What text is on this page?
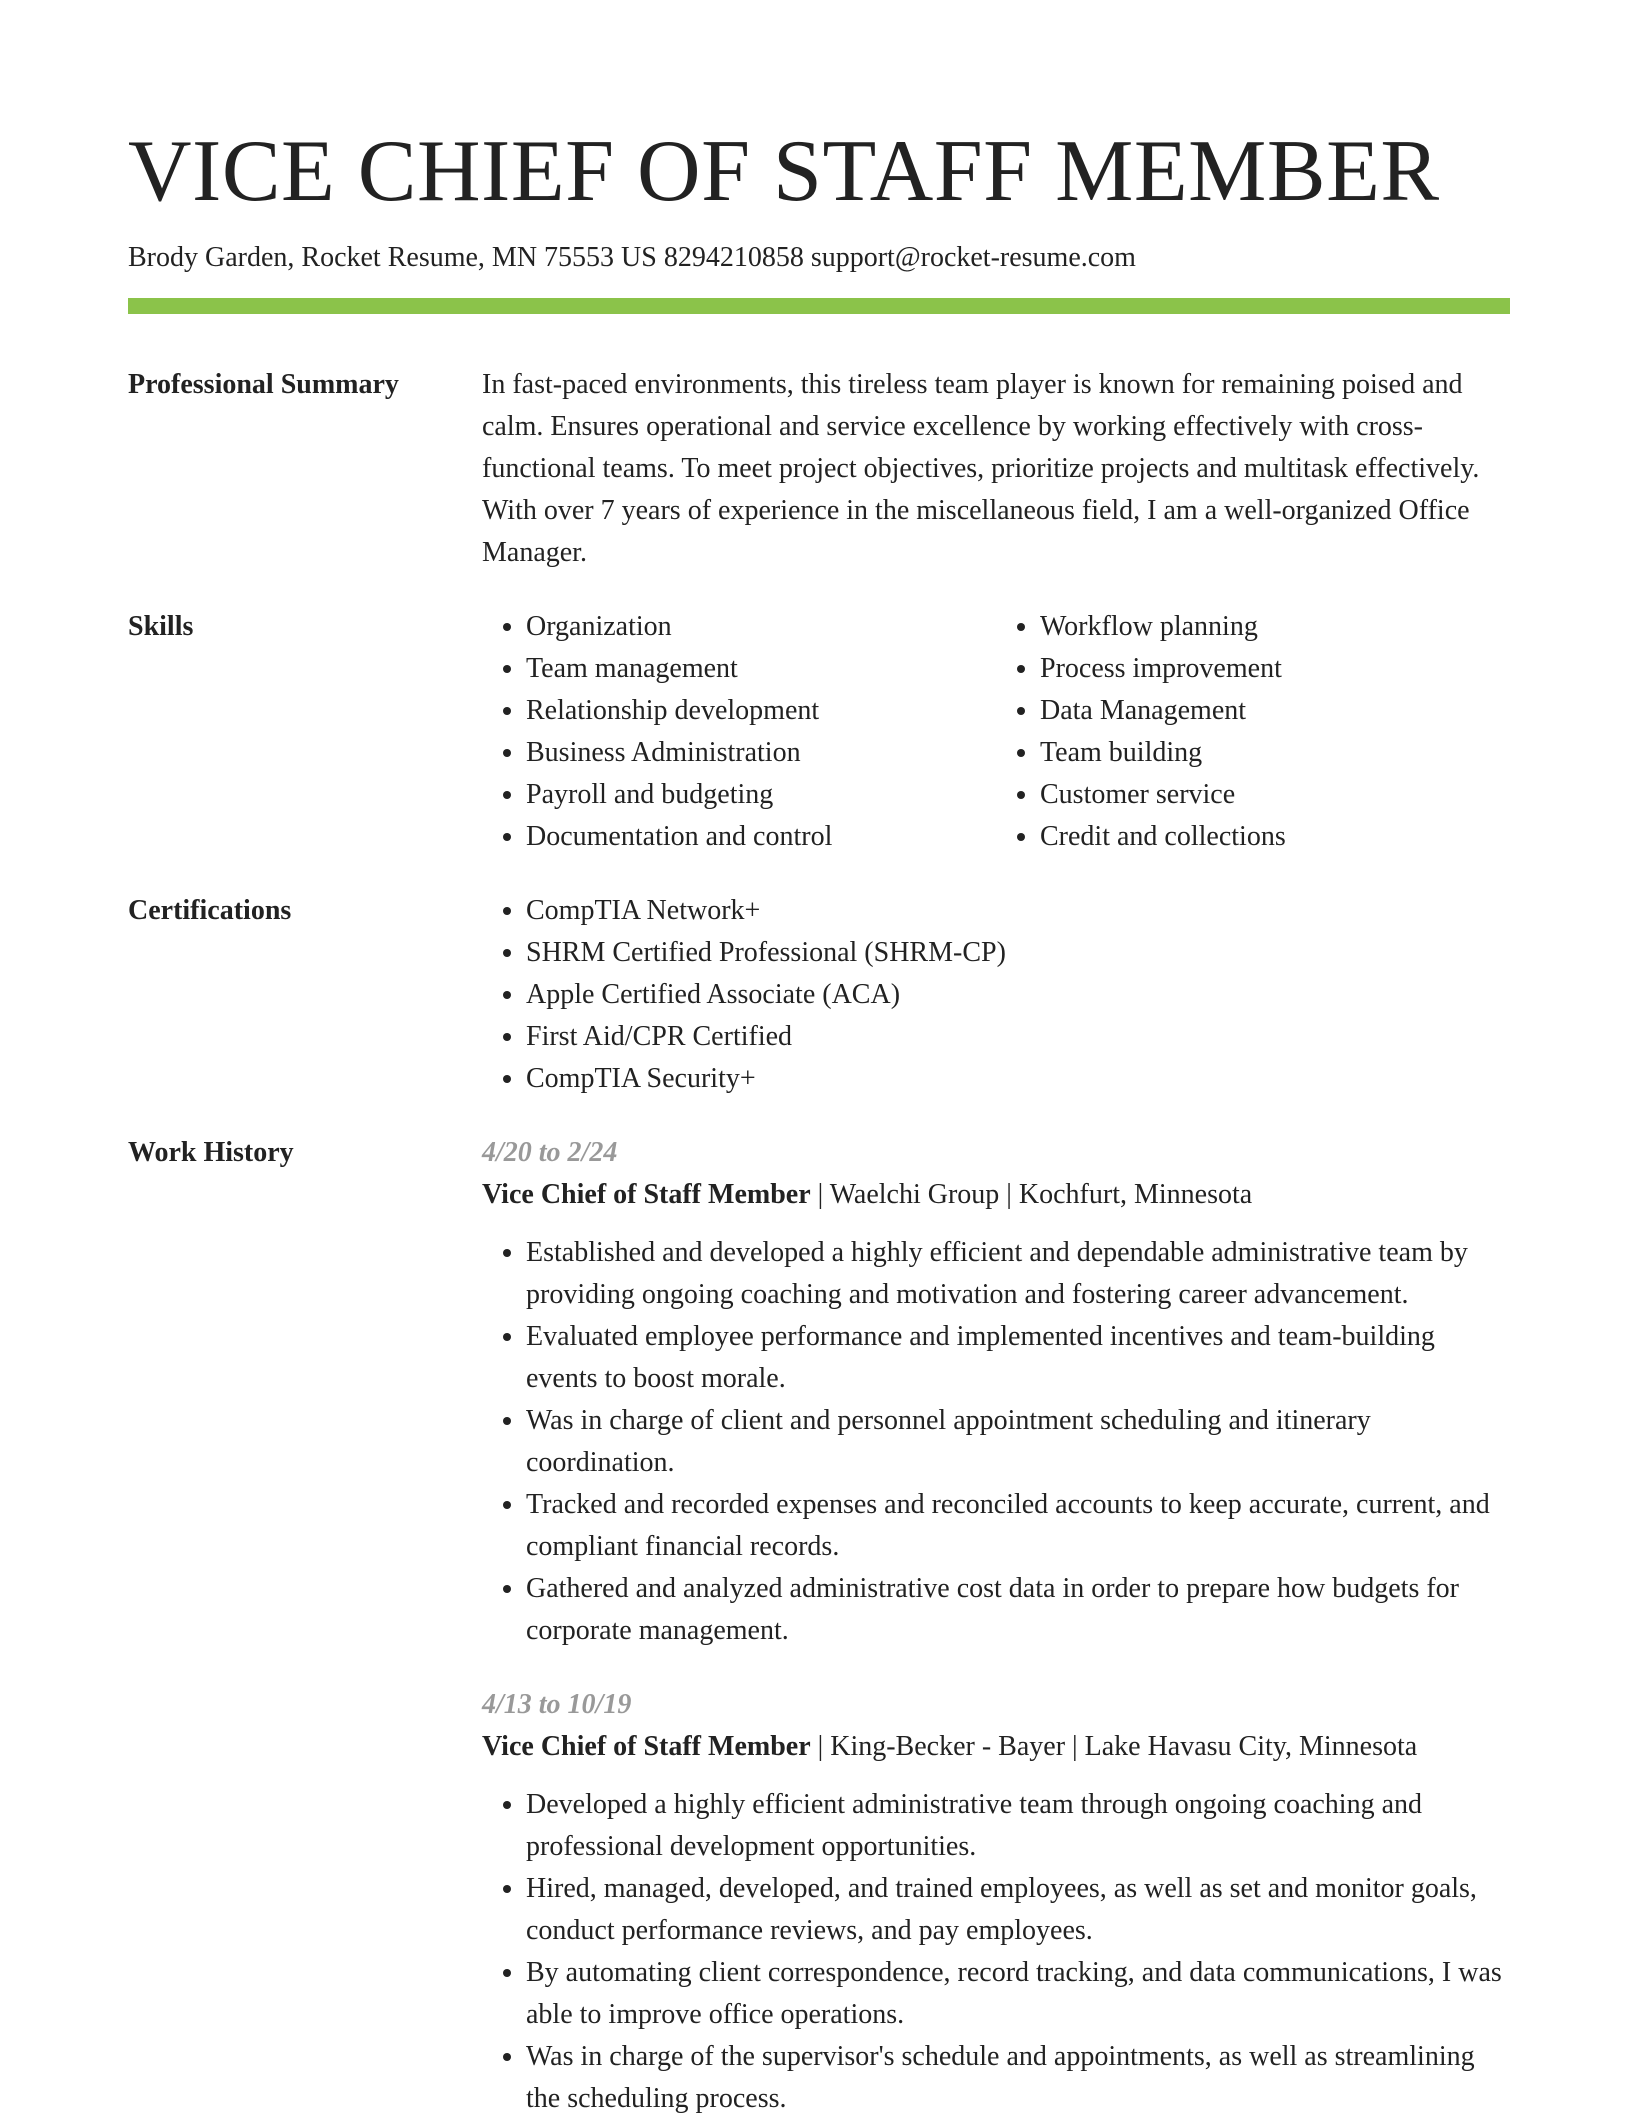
VICE CHIEF OF STAFF MEMBER
Brody Garden, Rocket Resume, MN 75553 US 8294210858 support@rocket-resume.com
Professional Summary	In fast-paced environments, this tireless team player is known for remaining poised and calm. Ensures operational and service excellence by working effectively with cross-functional teams. To meet project objectives, prioritize projects and multitask effectively. With over 7 years of experience in the miscellaneous field, I am a well-organized Office Manager.

Skills	• Organization
• Team management
• Relationship development
• Business Administration
• Payroll and budgeting
• Documentation and control
• Workflow planning
• Process improvement
• Data Management
• Team building
• Customer service
• Credit and collections
Certifications	• CompTIA Network+
• SHRM Certified Professional (SHRM-CP)
• Apple Certified Associate (ACA)
• First Aid/CPR Certified
• CompTIA Security+
Work History	4/20 to 2/24
Vice Chief of Staff Member | Waelchi Group | Kochfurt, Minnesota
• Established and developed a highly efficient and dependable administrative team by providing ongoing coaching and motivation and fostering career advancement.
• Evaluated employee performance and implemented incentives and team-building events to boost morale.
• Was in charge of client and personnel appointment scheduling and itinerary coordination.
• Tracked and recorded expenses and reconciled accounts to keep accurate, current, and compliant financial records.
• Gathered and analyzed administrative cost data in order to prepare how budgets for corporate management.
4/13 to 10/19
Vice Chief of Staff Member | King-Becker - Bayer | Lake Havasu City, Minnesota
• Developed a highly efficient administrative team through ongoing coaching and professional development opportunities.
• Hired, managed, developed, and trained employees, as well as set and monitor goals, conduct performance reviews, and pay employees.
• By automating client correspondence, record tracking, and data communications, I was able to improve office operations.
• Was in charge of the supervisor's schedule and appointments, as well as streamlining the scheduling process.
